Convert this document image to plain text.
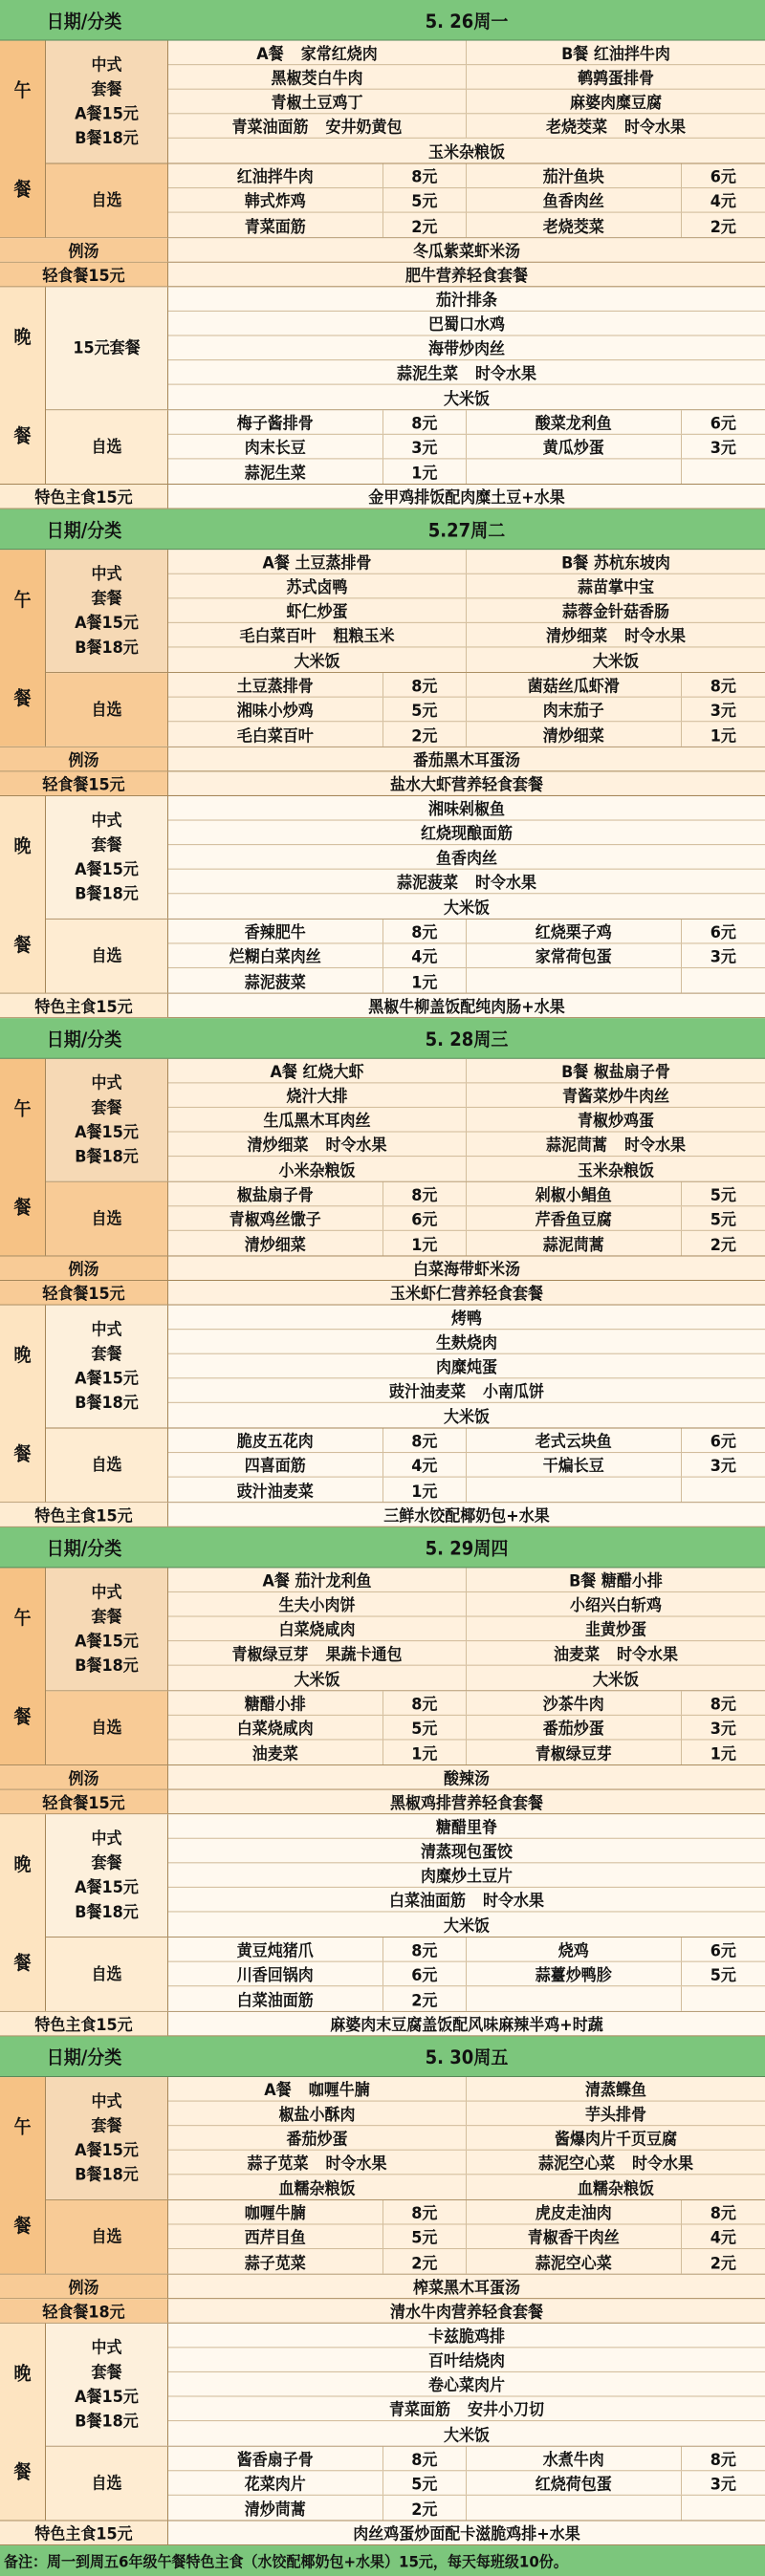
日期/分类	5. 26周一
午
餐
中式
套餐
A餐15元
B餐18元
A餐 家常红烧肉	B餐 红油拌牛肉
黑椒茭白牛肉	鹌鹑蛋排骨
青椒土豆鸡丁	麻婆肉糜豆腐
青菜油面筋 安井奶黄包	老烧茭菜 时令水果
玉米杂粮饭
自选
红油拌牛肉	8元	茄汁鱼块	6元
韩式炸鸡	5元	鱼香肉丝	4元
青菜面筋	2元	老烧茭菜	2元
例汤	冬瓜紫菜虾米汤
轻食餐15元	肥牛营养轻食套餐
晚
餐
15元套餐
茄汁排条
巴蜀口水鸡
海带炒肉丝
蒜泥生菜 时令水果
大米饭
自选
梅子酱排骨	8元	酸菜龙利鱼	6元
肉末长豆	3元	黄瓜炒蛋	3元
蒜泥生菜	1元
特色主食15元	金甲鸡排饭配肉糜土豆+水果
日期/分类	5.27周二
午
餐
中式
套餐
A餐15元
B餐18元
A餐 土豆蒸排骨	B餐 苏杭东坡肉
苏式卤鸭	蒜苗掌中宝
虾仁炒蛋	蒜蓉金针菇香肠
毛白菜百叶 粗粮玉米	清炒细菜 时令水果
大米饭	大米饭
自选
土豆蒸排骨	8元	菌菇丝瓜虾滑	8元
湘味小炒鸡	5元	肉末茄子	3元
毛白菜百叶	2元	清炒细菜	1元
例汤	番茄黑木耳蛋汤
轻食餐15元	盐水大虾营养轻食套餐
晚
餐
中式
套餐
A餐15元
B餐18元
湘味剁椒鱼
红烧现酿面筋
鱼香肉丝
蒜泥菠菜 时令水果
大米饭
自选
香辣肥牛	8元	红烧栗子鸡	6元
烂糊白菜肉丝	4元	家常荷包蛋	3元
蒜泥菠菜	1元
特色主食15元	黑椒牛柳盖饭配纯肉肠+水果
日期/分类	5. 28周三
午
餐
中式
套餐
A餐15元
B餐18元
A餐 红烧大虾	B餐 椒盐扇子骨
烧汁大排	青酱菜炒牛肉丝
生瓜黑木耳肉丝	青椒炒鸡蛋
清炒细菜 时令水果	蒜泥茼蒿 时令水果
小米杂粮饭	玉米杂粮饭
自选
椒盐扇子骨	8元	剁椒小鲳鱼	5元
青椒鸡丝馓子	6元	芹香鱼豆腐	5元
清炒细菜	1元	蒜泥茼蒿	2元
例汤	白菜海带虾米汤
轻食餐15元	玉米虾仁营养轻食套餐
晚
餐
中式
套餐
A餐15元
B餐18元
烤鸭
生麸烧肉
肉糜炖蛋
豉汁油麦菜 小南瓜饼
大米饭
自选
脆皮五花肉	8元	老式云块鱼	6元
四喜面筋	4元	干煸长豆	3元
豉汁油麦菜	1元
特色主食15元	三鲜水饺配椰奶包+水果
日期/分类	5. 29周四
午
餐
中式
套餐
A餐15元
B餐18元
A餐 茄汁龙利鱼	B餐 糖醋小排
生夫小肉饼	小绍兴白斩鸡
白菜烧咸肉	韭黄炒蛋
青椒绿豆芽 果蔬卡通包	油麦菜 时令水果
大米饭	大米饭
自选
糖醋小排	8元	沙茶牛肉	8元
白菜烧咸肉	5元	番茄炒蛋	3元
油麦菜	1元	青椒绿豆芽	1元
例汤	酸辣汤
轻食餐15元	黑椒鸡排营养轻食套餐
晚
餐
中式
套餐
A餐15元
B餐18元
糖醋里脊
清蒸现包蛋饺
肉糜炒土豆片
白菜油面筋 时令水果
大米饭
自选
黄豆炖猪爪	8元	烧鸡	6元
川香回锅肉	6元	蒜薹炒鸭胗	5元
白菜油面筋	2元
特色主食15元	麻婆肉末豆腐盖饭配风味麻辣半鸡+时蔬
日期/分类	5. 30周五
午
餐
中式
套餐
A餐15元
B餐18元
A餐 咖喱牛腩	清蒸鲽鱼
椒盐小酥肉	芋头排骨
番茄炒蛋	酱爆肉片千页豆腐
蒜子苋菜 时令水果	蒜泥空心菜 时令水果
血糯杂粮饭	血糯杂粮饭
自选
咖喱牛腩	8元	虎皮走油肉	8元
西芹目鱼	5元	青椒香干肉丝	4元
蒜子苋菜	2元	蒜泥空心菜	2元
例汤	榨菜黑木耳蛋汤
轻食餐18元	清水牛肉营养轻食套餐
晚
餐
中式
套餐
A餐15元
B餐18元
卡兹脆鸡排
百叶结烧肉
卷心菜肉片
青菜面筋 安井小刀切
大米饭
自选
酱香扇子骨	8元	水煮牛肉	8元
花菜肉片	5元	红烧荷包蛋	3元
清炒茼蒿	2元
特色主食15元	肉丝鸡蛋炒面配卡滋脆鸡排+水果
备注：周一到周五6年级午餐特色主食（水饺配椰奶包+水果）15元，每天每班级10份。
